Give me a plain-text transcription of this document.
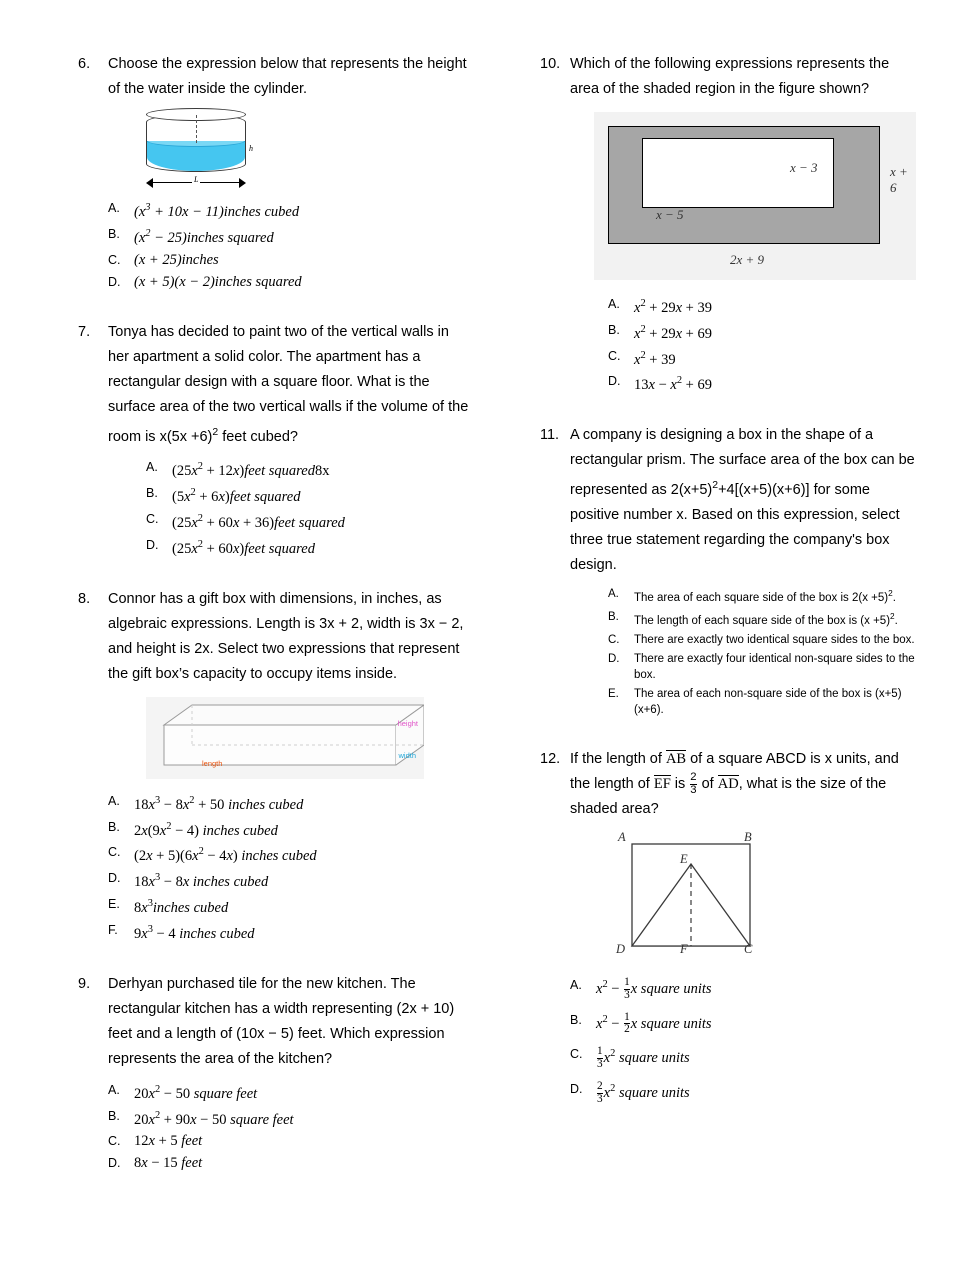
6.	Choose the expression below that represents the height of the water inside the cylinder.
h
L
A. ($x^3 + 10x$ − 11)inches cubed
B. ($x^2$ − 25)inches squared
C. (x + 25)inches
D. (x + 5)(x − 2)inches squared
7.	Tonya has decided to paint two of the vertical walls in her apartment a solid color. The apartment has a rectangular design with a square floor. What is the surface area of the two vertical walls if the volume of the room is $x(5x +6)^2$ feet cubed?
A. ($25x^2$ + 12x)feet squared8x
B. ($5x^2$ + 6x)feet squared
C. ($25x^2 + 60x$ + 36)feet squared
D. ($25x^2$ + 60x)feet squared
8.	Connor has a gift box with dimensions, in inches, as algebraic expressions. Length is 3x + 2, width is 3x − 2, and height is 2x. Select two expressions that represent the gift box’s capacity to occupy items inside.
height
width
length
A. $18x^3 - 8x^2 + 50$ inches cubed
B. $2x(9x^2 - 4)$ inches cubed
C. $(2x + 5)(6x^2 - 4x)$ inches cubed
D. $18x^3 - 8x$ inches cubed
E. $8x^3inches$ cubed
F.	$9x^3 - 4$ inches cubed
9.	Derhyan purchased tile for the new kitchen. The rectangular kitchen has a width representing (2x + 10) feet and a length of (10x − 5) feet. Which expression represents the area of the kitchen?
A. $20x^2 - 50$ square feet
B. $20x^2 + 90x - 50$ square feet
C. 12x + 5 feet
D. 8x − 15 feet
10. Which of the following expressions represents the area of the shaded region in the figure shown?
x − 3	x + 6
x − 5
2x + 9
A. $x^2 + 29x + 39$
B. $x^2 + 29x + 69$
C. $x^2 + 39$
D. $13x - x^2 + 69$
11. A company is designing a box in the shape of a rectangular prism. The surface area of the box can be represented as $2(x+5)^2+4[(x+5)(x+6)]$ for some positive number x. Based on this expression, select three true statement regarding the company's box design.
A.	The area of each square side of the box is $2(x +5)^2$.
B.	The length of each square side of the box is $(x +5)^2$.
C.	There are exactly two identical square sides to the box.
D.	There are exactly four identical non-square sides to the box.
E.	The area of each non-square side of the box is (x+5)(x+6).
12. If the length of AB of a square ABCD is x units, and the length of EF is $\frac{2}{3}$ of AD, what is the size of the shaded area?
A	B
D	C
E
F
A. $x^2 - \frac{1}{3}$ x square units
B. $x^2 - \frac{1}{2}$ x square units
C.	$\frac{1}{3} x^2$ square units
D.	$\frac{2}{3} x^2$ square units
